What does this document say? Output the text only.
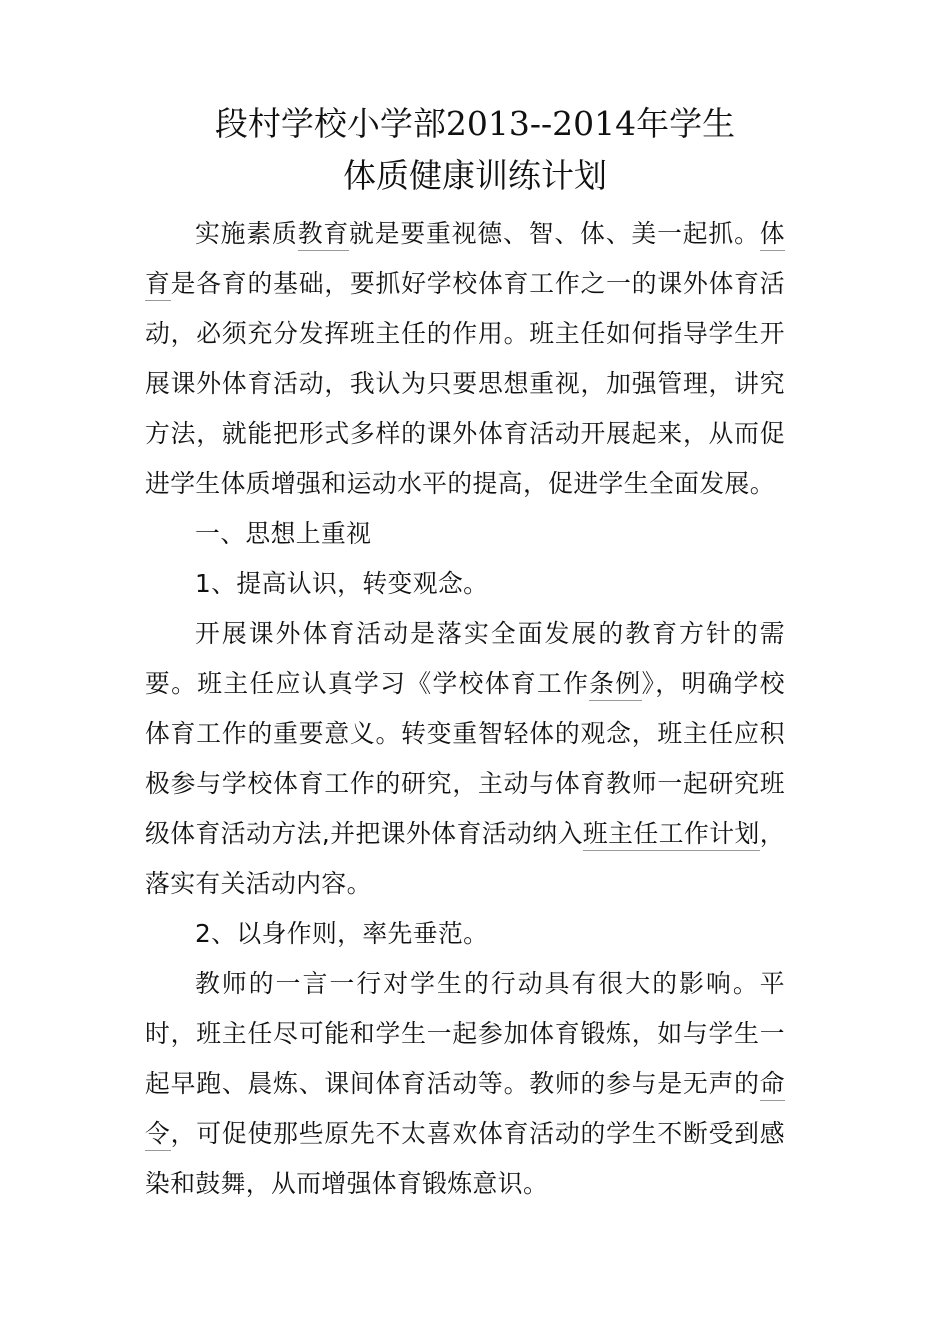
段村学校小学部2013--2014年学生
体质健康训练计划

实施素质教育就是要重视德、智、体、美一起抓。体育是各育的基础，要抓好学校体育工作之一的课外体育活动，必须充分发挥班主任的作用。班主任如何指导学生开展课外体育活动，我认为只要思想重视，加强管理，讲究方法，就能把形式多样的课外体育活动开展起来，从而促进学生体质增强和运动水平的提高，促进学生全面发展。

一、思想上重视

1、提高认识，转变观念。

开展课外体育活动是落实全面发展的教育方针的需要。班主任应认真学习《学校体育工作条例》，明确学校体育工作的重要意义。转变重智轻体的观念，班主任应积极参与学校体育工作的研究，主动与体育教师一起研究班级体育活动方法,并把课外体育活动纳入班主任工作计划，落实有关活动内容。

2、以身作则，率先垂范。

教师的一言一行对学生的行动具有很大的影响。平时，班主任尽可能和学生一起参加体育锻炼，如与学生一起早跑、晨炼、课间体育活动等。教师的参与是无声的命令，可促使那些原先不太喜欢体育活动的学生不断受到感染和鼓舞，从而增强体育锻炼意识。
